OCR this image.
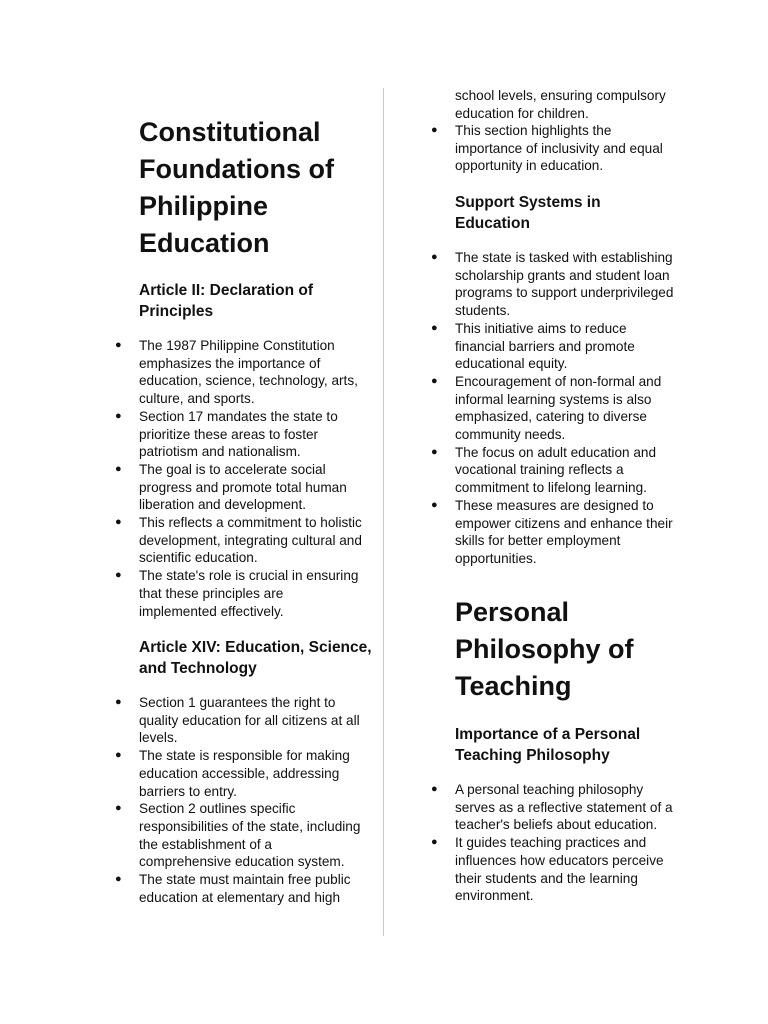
Constitutional Foundations of Philippine Education
Article II: Declaration of Principles
● The 1987 Philippine Constitution emphasizes the importance of education, science, technology, arts, culture, and sports.
● Section 17 mandates the state to prioritize these areas to foster patriotism and nationalism.
● The goal is to accelerate social progress and promote total human liberation and development.
● This reflects a commitment to holistic development, integrating cultural and scientific education.
● The state's role is crucial in ensuring that these principles are implemented effectively.
Article XIV: Education, Science, and Technology
● Section 1 guarantees the right to quality education for all citizens at all levels.
● The state is responsible for making education accessible, addressing barriers to entry.
● Section 2 outlines specific responsibilities of the state, including the establishment of a comprehensive education system.
● The state must maintain free public education at elementary and high
school levels, ensuring compulsory education for children.
● This section highlights the importance of inclusivity and equal opportunity in education.
Support Systems in Education
● The state is tasked with establishing scholarship grants and student loan programs to support underprivileged students.
● This initiative aims to reduce financial barriers and promote educational equity.
● Encouragement of non-formal and informal learning systems is also emphasized, catering to diverse community needs.
● The focus on adult education and vocational training reflects a commitment to lifelong learning.
● These measures are designed to empower citizens and enhance their skills for better employment opportunities.
Personal Philosophy of Teaching
Importance of a Personal Teaching Philosophy
● A personal teaching philosophy serves as a reflective statement of a teacher's beliefs about education.
● It guides teaching practices and influences how educators perceive their students and the learning environment.
